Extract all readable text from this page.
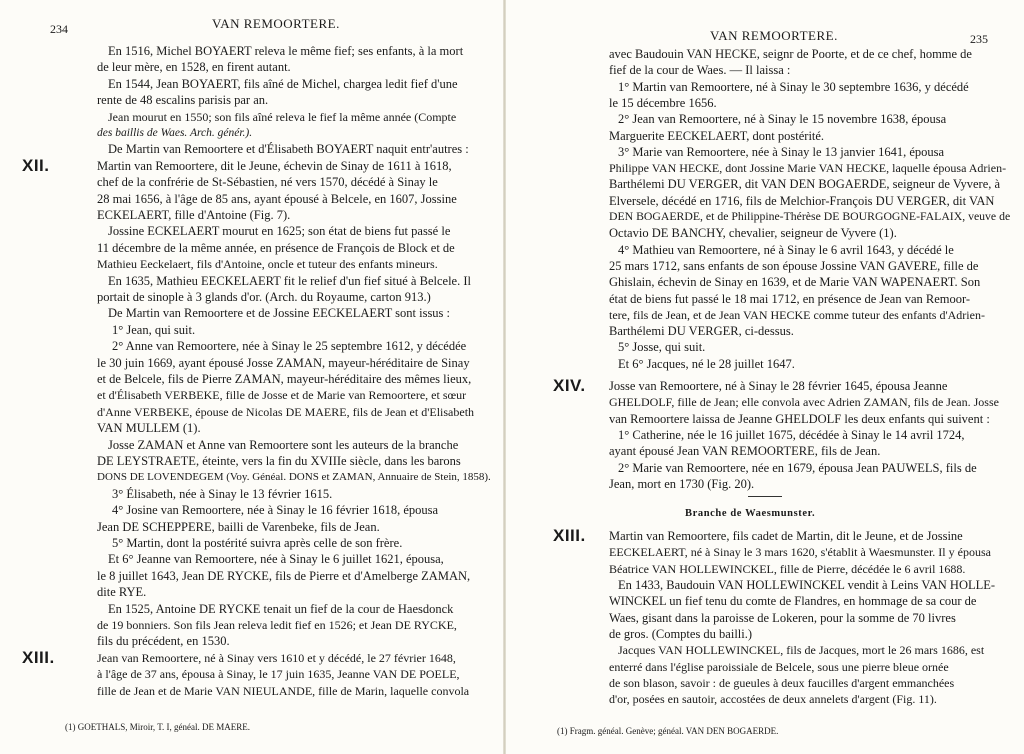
234	VAN REMOORTERE.
En 1516, Michel BOYAERT releva le même fief; ses enfants, à la mort
de leur mère, en 1528, en firent autant.
En 1544, Jean BOYAERT, fils aîné de Michel, chargea ledit fief d'une
rente de 48 escalins parisis par an.
Jean mourut en 1550; son fils aîné releva le fief la même année (Compte
des baillis de Waes. Arch. génér.).
De Martin van Remoortere et d'Élisabeth BOYAERT naquit entr'autres :
XII.	Martin van Remoortere, dit le Jeune, échevin de Sinay de 1611 à 1618,
chef de la confrérie de St-Sébastien, né vers 1570, décédé à Sinay le
28 mai 1656, à l'âge de 85 ans, ayant épousé à Belcele, en 1607, Jossine
ECKELAERT, fille d'Antoine (Fig. 7).
Jossine ECKELAERT mourut en 1625; son état de biens fut passé le
11 décembre de la même année, en présence de François de Block et de
Mathieu Eeckelaert, fils d'Antoine, oncle et tuteur des enfants mineurs.
En 1635, Mathieu EECKELAERT fit le relief d'un fief situé à Belcele. Il
portait de sinople à 3 glands d'or. (Arch. du Royaume, carton 913.)
De Martin van Remoortere et de Jossine EECKELAERT sont issus :
1° Jean, qui suit.
2° Anne van Remoortere, née à Sinay le 25 septembre 1612, y décédée
le 30 juin 1669, ayant épousé Josse ZAMAN, mayeur-héréditaire de Sinay
et de Belcele, fils de Pierre ZAMAN, mayeur-héréditaire des mêmes lieux,
et d'Élisabeth VERBEKE, fille de Josse et de Marie van Remoortere, et sœur
d'Anne VERBEKE, épouse de Nicolas DE MAERE, fils de Jean et d'Elisabeth
VAN MULLEM (1).
Josse ZAMAN et Anne van Remoortere sont les auteurs de la branche
DE LEYSTRAETE, éteinte, vers la fin du XVIIIe siècle, dans les barons
DONS DE LOVENDEGEM (Voy. Généal. DONS et ZAMAN, Annuaire de Stein, 1858).
3° Élisabeth, née à Sinay le 13 février 1615.
4° Josine van Remoortere, née à Sinay le 16 février 1618, épousa
Jean DE SCHEPPERE, bailli de Varenbeke, fils de Jean.
5° Martin, dont la postérité suivra après celle de son frère.
Et 6° Jeanne van Remoortere, née à Sinay le 6 juillet 1621, épousa,
le 8 juillet 1643, Jean DE RYCKE, fils de Pierre et d'Amelberge ZAMAN,
dite RYE.
En 1525, Antoine DE RYCKE tenait un fief de la cour de Haesdonck
de 19 bonniers. Son fils Jean releva ledit fief en 1526; et Jean DE RYCKE,
fils du précédent, en 1530.
XIII.	Jean van Remoortere, né à Sinay vers 1610 et y décédé, le 27 février 1648,
à l'âge de 37 ans, épousa à Sinay, le 17 juin 1635, Jeanne VAN DE POELE,
fille de Jean et de Marie VAN NIEULANDE, fille de Marin, laquelle convola
(1) GOETHALS, Miroir, T. I, généal. DE MAERE.
VAN REMOORTERE.	235
avec Baudouin VAN HECKE, seignr de Poorte, et de ce chef, homme de
fief de la cour de Waes. — Il laissa :
1° Martin van Remoortere, né à Sinay le 30 septembre 1636, y décédé
le 15 décembre 1656.
2° Jean van Remoortere, né à Sinay le 15 novembre 1638, épousa
Marguerite EECKELAERT, dont postérité.
3° Marie van Remoortere, née à Sinay le 13 janvier 1641, épousa
Philippe VAN HECKE, dont Jossine Marie VAN HECKE, laquelle épousa Adrien-
Barthélemi DU VERGER, dit VAN DEN BOGAERDE, seigneur de Vyvere, à
Elversele, décédé en 1716, fils de Melchior-François DU VERGER, dit VAN
DEN BOGAERDE, et de Philippine-Thérèse DE BOURGOGNE-FALAIX, veuve de
Octavio DE BANCHY, chevalier, seigneur de Vyvere (1).
4° Mathieu van Remoortere, né à Sinay le 6 avril 1643, y décédé le
25 mars 1712, sans enfants de son épouse Jossine VAN GAVERE, fille de
Ghislain, échevin de Sinay en 1639, et de Marie VAN WAPENAERT. Son
état de biens fut passé le 18 mai 1712, en présence de Jean van Remoor-
tere, fils de Jean, et de Jean VAN HECKE comme tuteur des enfants d'Adrien-
Barthélemi DU VERGER, ci-dessus.
5° Josse, qui suit.
Et 6° Jacques, né le 28 juillet 1647.
XIV. Josse van Remoortere, né à Sinay le 28 février 1645, épousa Jeanne
GHELDOLF, fille de Jean; elle convola avec Adrien ZAMAN, fils de Jean. Josse
van Remoortere laissa de Jeanne GHELDOLF les deux enfants qui suivent :
1° Catherine, née le 16 juillet 1675, décédée à Sinay le 14 avril 1724,
ayant épousé Jean VAN REMOORTERE, fils de Jean.
2° Marie van Remoortere, née en 1679, épousa Jean PAUWELS, fils de
Jean, mort en 1730 (Fig. 20).
Branche de Waesmunster.
XIII. Martin van Remoortere, fils cadet de Martin, dit le Jeune, et de Jossine
EECKELAERT, né à Sinay le 3 mars 1620, s'établit à Waesmunster. Il y épousa
Béatrice VAN HOLLEWINCKEL, fille de Pierre, décédée le 6 avril 1688.
En 1433, Baudouin VAN HOLLEWINCKEL vendit à Leins VAN HOLLE-
WINCKEL un fief tenu du comte de Flandres, en hommage de sa cour de
Waes, gisant dans la paroisse de Lokeren, pour la somme de 70 livres
de gros. (Comptes du bailli.)
Jacques VAN HOLLEWINCKEL, fils de Jacques, mort le 26 mars 1686, est
enterré dans l'église paroissiale de Belcele, sous une pierre bleue ornée
de son blason, savoir : de gueules à deux faucilles d'argent emmanchées
d'or, posées en sautoir, accostées de deux annelets d'argent (Fig. 11).
(1) Fragm. généal. Genève; généal. VAN DEN BOGAERDE.
